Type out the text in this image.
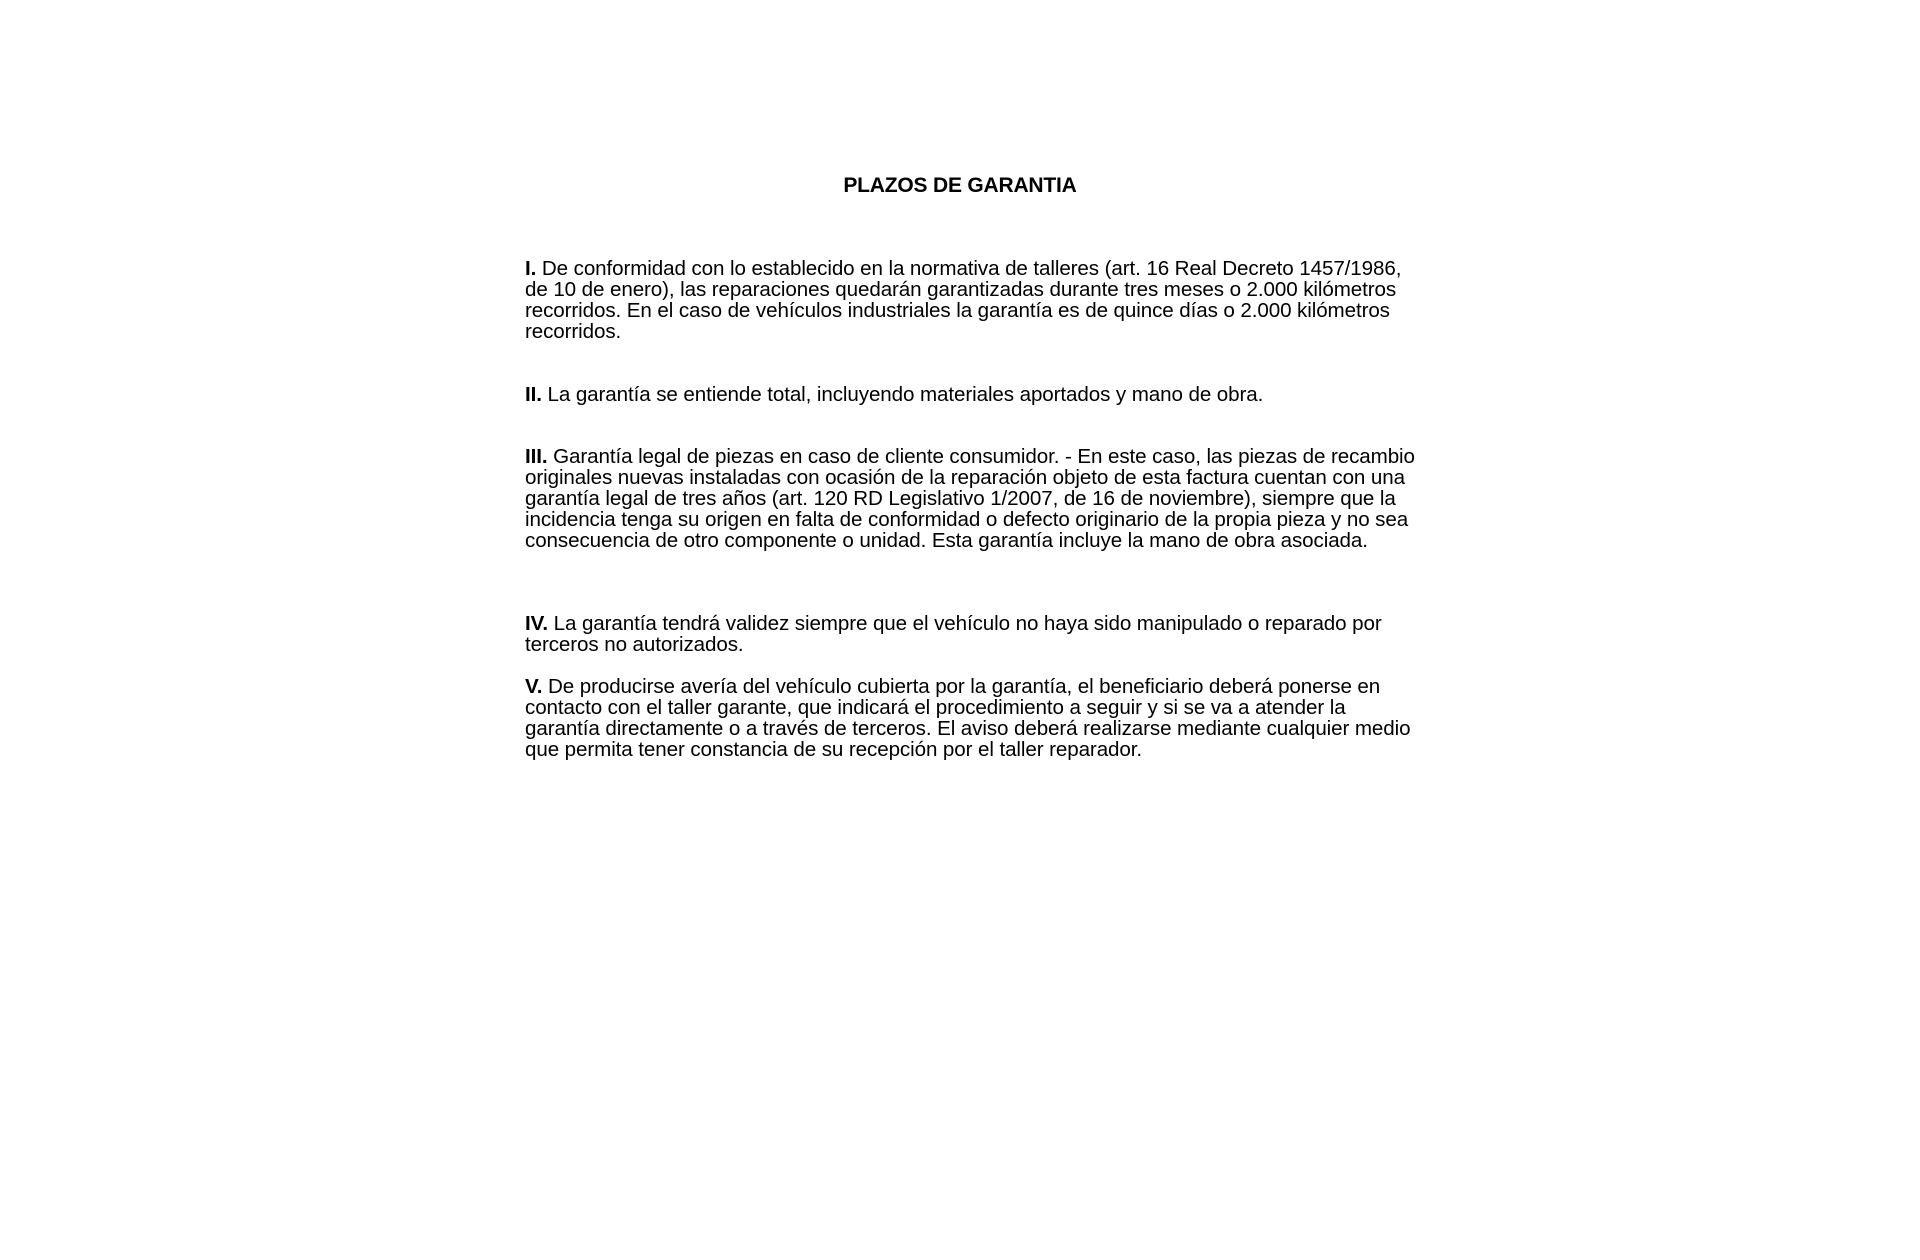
PLAZOS DE GARANTIA

I. De conformidad con lo establecido en la normativa de talleres (art. 16 Real Decreto 1457/1986, de 10 de enero), las reparaciones quedarán garantizadas durante tres meses o 2.000 kilómetros recorridos. En el caso de vehículos industriales la garantía es de quince días o 2.000 kilómetros recorridos.

II. La garantía se entiende total, incluyendo materiales aportados y mano de obra.

III. Garantía legal de piezas en caso de cliente consumidor. - En este caso, las piezas de recambio originales nuevas instaladas con ocasión de la reparación objeto de esta factura cuentan con una garantía legal de tres años (art. 120 RD Legislativo 1/2007, de 16 de noviembre), siempre que la incidencia tenga su origen en falta de conformidad o defecto originario de la propia pieza y no sea consecuencia de otro componente o unidad. Esta garantía incluye la mano de obra asociada.

IV. La garantía tendrá validez siempre que el vehículo no haya sido manipulado o reparado por terceros no autorizados.

V. De producirse avería del vehículo cubierta por la garantía, el beneficiario deberá ponerse en contacto con el taller garante, que indicará el procedimiento a seguir y si se va a atender la garantía directamente o a través de terceros. El aviso deberá realizarse mediante cualquier medio que permita tener constancia de su recepción por el taller reparador.
